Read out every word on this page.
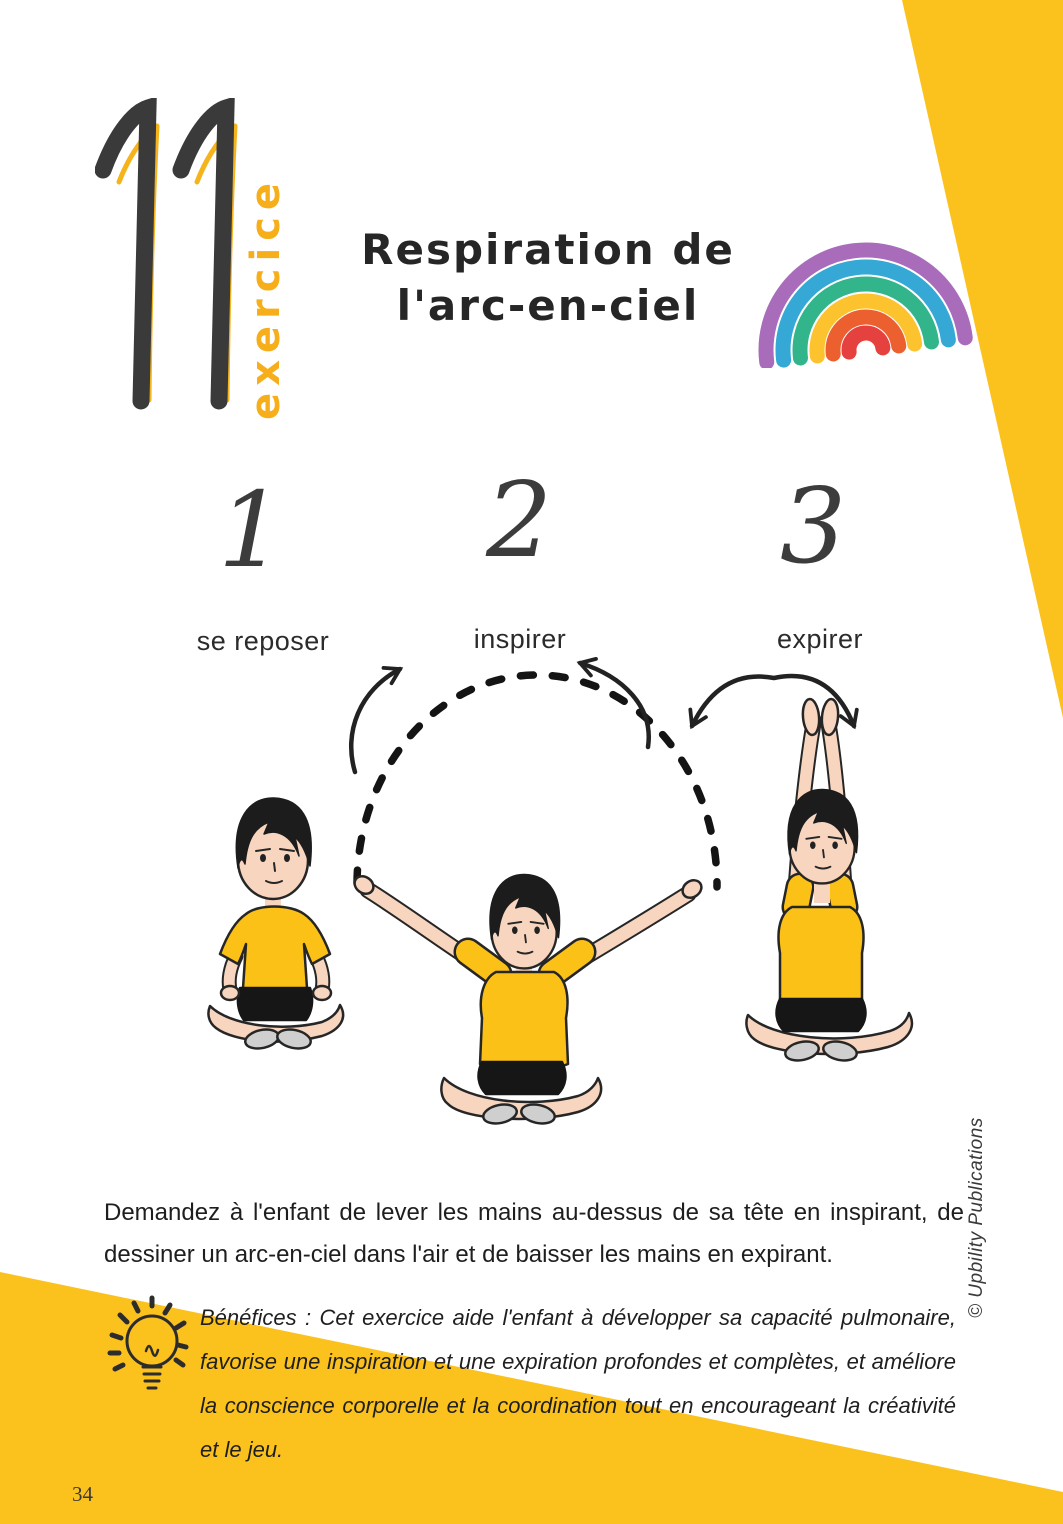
exercice Respiration de
l'arc-en-ciel
1 2 3
se reposer	inspirer	expirer
Demandez à l'enfant de lever les mains au-dessus de sa tête en inspirant, de dessiner un arc-en-ciel dans l'air et de baisser les mains en expirant.
Bénéfices : Cet exercice aide l'enfant à développer sa capacité pulmonaire, favorise une inspiration et une expiration profondes et complètes, et améliore la conscience corporelle et la coordination tout en encourageant la créativité et le jeu.
© Upbility Publications
34
